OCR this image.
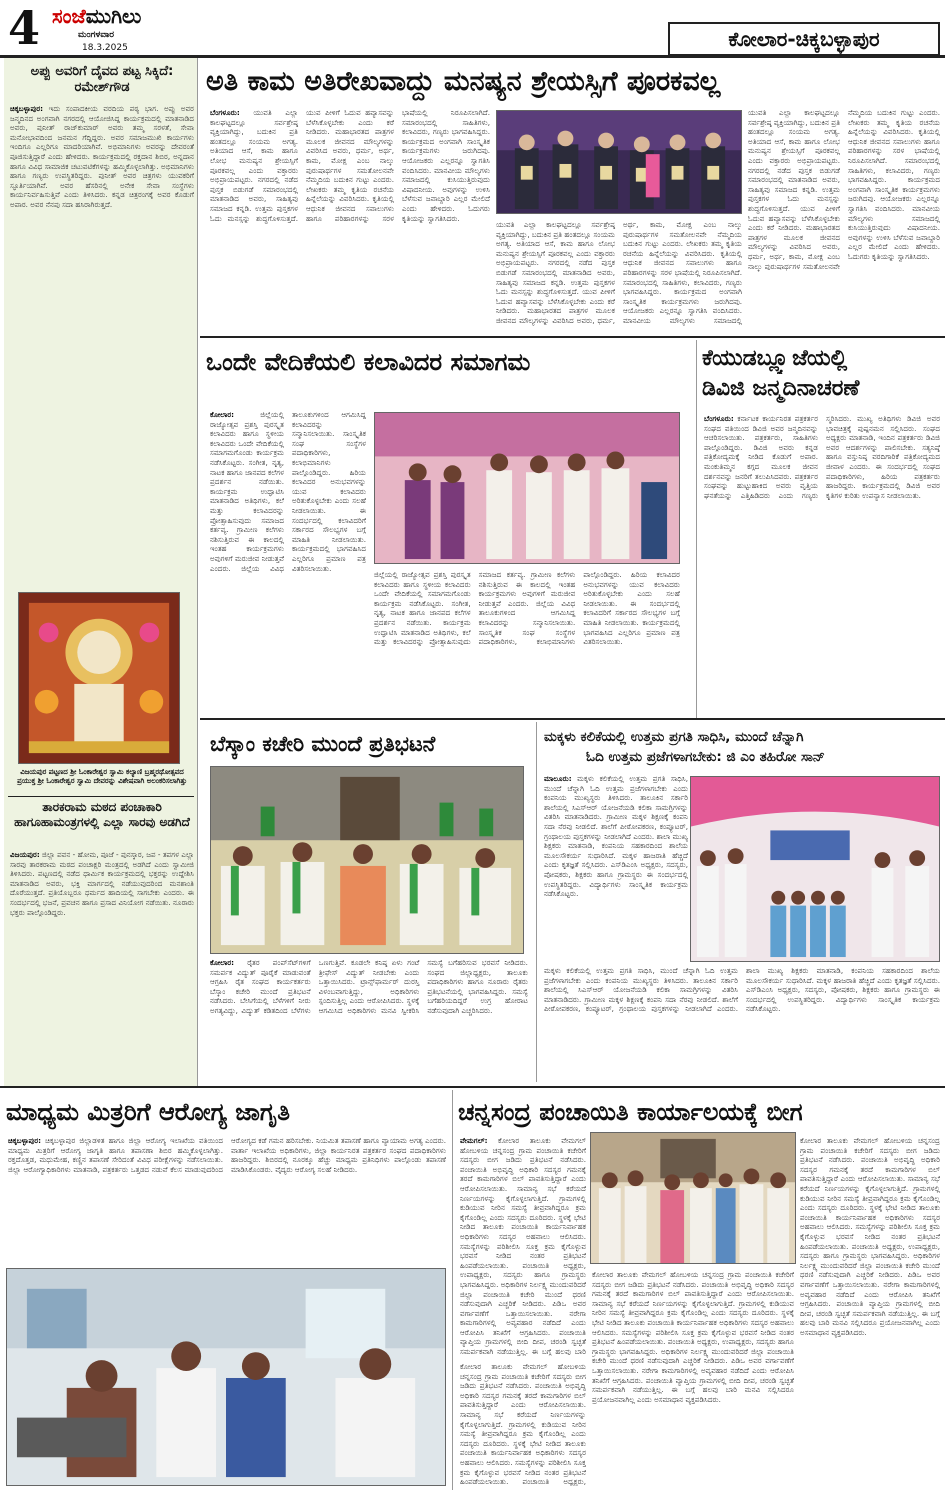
4 ಸಂಜೆಮುಗಿಲು
ಮಂಗಳವಾರ
18.3.2025	ಕೋಲಾರ-ಚಿಕ್ಕಬಳ್ಳಾಪುರ
ಅಪ್ಪು ಅವರಿಗೆ ದೈವದ ಪಟ್ಟ ಸಿಕ್ಕಿದೆ: ರಮೇಶ್‌ಗೌಡ
ಚಿಕ್ಕಬಳ್ಳಾಪುರ: ಇದು ಸಂಪಾದಕೀಯ ವರದಿಯ ಪಠ್ಯ ಭಾಗ. ಅಪ್ಪು ಅವರ ಜನ್ಮದಿನದ ಅಂಗವಾಗಿ ನಗರದಲ್ಲಿ ಆಯೋಜಿಸಿದ್ದ ಕಾರ್ಯಕ್ರಮದಲ್ಲಿ ಮಾತನಾಡಿದ ಅವರು, ಪುನೀತ್ ರಾಜ್‌ಕುಮಾರ್ ಅವರು ತಮ್ಮ ಸರಳತೆ, ಸೇವಾ ಮನೋಭಾವದಿಂದ ಜನಮನ ಗೆದ್ದಿದ್ದರು. ಅವರ ಸಮಾಜಮುಖಿ ಕಾರ್ಯಗಳು ಇಂದಿಗೂ ಎಲ್ಲರಿಗೂ ಮಾದರಿಯಾಗಿವೆ. ಅಭಿಮಾನಿಗಳು ಅವರನ್ನು ದೇವರಂತೆ ಪೂಜಿಸುತ್ತಿದ್ದಾರೆ ಎಂದು ಹೇಳಿದರು. ಕಾರ್ಯಕ್ರಮದಲ್ಲಿ ರಕ್ತದಾನ ಶಿಬಿರ, ಅನ್ನದಾನ ಹಾಗೂ ವಿವಿಧ ಸಾಮಾಜಿಕ ಚಟುವಟಿಕೆಗಳನ್ನು ಹಮ್ಮಿಕೊಳ್ಳಲಾಗಿತ್ತು. ಅಭಿಮಾನಿಗಳು ಹಾಗೂ ಗಣ್ಯರು ಉಪಸ್ಥಿತರಿದ್ದರು. ಪುನೀತ್ ಅವರ ಚಿತ್ರಗಳು ಯುವಕರಿಗೆ ಸ್ಫೂರ್ತಿಯಾಗಿವೆ. ಅವರ ಹೆಸರಿನಲ್ಲಿ ಅನೇಕ ಸೇವಾ ಸಂಸ್ಥೆಗಳು ಕಾರ್ಯನಿರ್ವಹಿಸುತ್ತಿವೆ ಎಂದು ತಿಳಿಸಿದರು. ಕನ್ನಡ ಚಿತ್ರರಂಗಕ್ಕೆ ಅವರ ಕೊಡುಗೆ ಅಪಾರ. ಅವರ ನೆನಪು ಸದಾ ಹಸಿರಾಗಿರುತ್ತದೆ.
ವಿಜಯಪುರ ಪಟ್ಟಣದ ಶ್ರೀ ಓಂಕಾರೇಶ್ವರ ಸ್ವಾಮಿ ಕಲ್ಯಾಣಿ ಬ್ರಹ್ಮರಥೋತ್ಸವದ ಪ್ರಯುಕ್ತ ಶ್ರೀ ಓಂಕಾರೇಶ್ವರ ಸ್ವಾಮಿ ದೇವರನ್ನು ವಿಶೇಷವಾಗಿ ಅಲಂಕರಿಸಲಾಗಿತ್ತು
ತಾರಕರಾಮ ಮಠದ ಪಂಚಾಕಾರಿ ಹಾಗೂಹಾಮಂತ್ರಗಳಲ್ಲಿ ಎಲ್ಲಾ ಸಾರವು ಅಡಗಿದೆ
ವಿಜಯಪುರ: ಜಿಲ್ಲಾ ಪವನ - ಹೋಮ, ಪೂಜೆ - ಪುನಸ್ಕಾರ, ಜಪ - ತಪಗಳ ಎಲ್ಲಾ ಸಾರವು ತಾರಕರಾಮ ಮಠದ ಪಂಚಾಕ್ಷರಿ ಮಂತ್ರದಲ್ಲಿ ಅಡಗಿದೆ ಎಂದು ಸ್ವಾಮೀಜಿ ತಿಳಿಸಿದರು. ಪಟ್ಟಣದಲ್ಲಿ ನಡೆದ ಧಾರ್ಮಿಕ ಕಾರ್ಯಕ್ರಮದಲ್ಲಿ ಭಕ್ತರನ್ನು ಉದ್ದೇಶಿಸಿ ಮಾತನಾಡಿದ ಅವರು, ಭಕ್ತಿ ಮಾರ್ಗದಲ್ಲಿ ನಡೆಯುವುದರಿಂದ ಮನಶಾಂತಿ ದೊರೆಯುತ್ತದೆ. ಪ್ರತಿಯೊಬ್ಬರೂ ಧರ್ಮದ ಹಾದಿಯಲ್ಲಿ ಸಾಗಬೇಕು ಎಂದರು. ಈ ಸಂದರ್ಭದಲ್ಲಿ ಭಜನೆ, ಪ್ರವಚನ ಹಾಗೂ ಪ್ರಸಾದ ವಿನಿಯೋಗ ನಡೆಯಿತು. ನೂರಾರು ಭಕ್ತರು ಪಾಲ್ಗೊಂಡಿದ್ದರು.
ಅತಿ ಕಾಮ ಅತಿರೇಖವಾದ್ದು ಮನಷ್ಯನ ಶ್ರೇಯಸ್ಸಿಗೆ ಪೂರಕವಲ್ಲ
ಬೆಂಗಳೂರು: ಯುವತಿ ಎಲ್ಲಾ ಕಾಲಘಟ್ಟದಲ್ಲೂ ಸರ್ವಶ್ರೇಷ್ಠ ವ್ಯಕ್ತಿಯಾಗಿದ್ದು, ಬದುಕಿನ ಪ್ರತಿ ಹಂತದಲ್ಲೂ ಸಂಯಮ ಅಗತ್ಯ. ಅತಿಯಾದ ಆಸೆ, ಕಾಮ ಹಾಗೂ ಲೋಭ ಮನುಷ್ಯನ ಶ್ರೇಯಸ್ಸಿಗೆ ಪೂರಕವಲ್ಲ ಎಂದು ವಕ್ತಾರರು ಅಭಿಪ್ರಾಯಪಟ್ಟರು. ನಗರದಲ್ಲಿ ನಡೆದ ಪುಸ್ತಕ ಬಿಡುಗಡೆ ಸಮಾರಂಭದಲ್ಲಿ ಮಾತನಾಡಿದ ಅವರು, ಸಾಹಿತ್ಯವು ಸಮಾಜದ ಕನ್ನಡಿ. ಉತ್ತಮ ಪುಸ್ತಕಗಳ ಓದು ಮನಸ್ಸನ್ನು ಶುದ್ಧಗೊಳಿಸುತ್ತದೆ. ಯುವ ಪೀಳಿಗೆ ಓದುವ ಹವ್ಯಾಸವನ್ನು ಬೆಳೆಸಿಕೊಳ್ಳಬೇಕು ಎಂದು ಕರೆ ನೀಡಿದರು. ಮಹಾಭಾರತದ ಪಾತ್ರಗಳ ಮೂಲಕ ಜೀವನದ ಮೌಲ್ಯಗಳನ್ನು ವಿವರಿಸಿದ ಅವರು, ಧರ್ಮ, ಅರ್ಥ, ಕಾಮ, ಮೋಕ್ಷ ಎಂಬ ನಾಲ್ಕು ಪುರುಷಾರ್ಥಗಳ ಸಮತೋಲನವೇ ನೆಮ್ಮದಿಯ ಬದುಕಿನ ಗುಟ್ಟು ಎಂದರು. ಲೇಖಕರು ತಮ್ಮ ಕೃತಿಯ ರಚನೆಯ ಹಿನ್ನೆಲೆಯನ್ನು ವಿವರಿಸಿದರು. ಕೃತಿಯಲ್ಲಿ ಆಧುನಿಕ ಜೀವನದ ಸವಾಲುಗಳು ಹಾಗೂ ಪರಿಹಾರಗಳನ್ನು ಸರಳ ಭಾಷೆಯಲ್ಲಿ ನಿರೂಪಿಸಲಾಗಿದೆ. ಸಮಾರಂಭದಲ್ಲಿ ಸಾಹಿತಿಗಳು, ಕಲಾವಿದರು, ಗಣ್ಯರು ಭಾಗವಹಿಸಿದ್ದರು. ಕಾರ್ಯಕ್ರಮದ ಅಂಗವಾಗಿ ಸಾಂಸ್ಕೃತಿಕ ಕಾರ್ಯಕ್ರಮಗಳು ಜರುಗಿದವು. ಆಯೋಜಕರು ಎಲ್ಲರನ್ನೂ ಸ್ವಾಗತಿಸಿ ವಂದಿಸಿದರು. ಮಾನವೀಯ ಮೌಲ್ಯಗಳು ಸಮಾಜದಲ್ಲಿ ಕುಸಿಯುತ್ತಿರುವುದು ವಿಷಾದನೀಯ. ಅವುಗಳನ್ನು ಉಳಿಸಿ ಬೆಳೆಸುವ ಜವಾಬ್ದಾರಿ ಎಲ್ಲರ ಮೇಲಿದೆ ಎಂದು ಹೇಳಿದರು. ಓದುಗರು ಕೃತಿಯನ್ನು ಸ್ವಾಗತಿಸಿದರು.
ಯುವತಿ ಎಲ್ಲಾ ಕಾಲಘಟ್ಟದಲ್ಲೂ ಸರ್ವಶ್ರೇಷ್ಠ ವ್ಯಕ್ತಿಯಾಗಿದ್ದು, ಬದುಕಿನ ಪ್ರತಿ ಹಂತದಲ್ಲೂ ಸಂಯಮ ಅಗತ್ಯ. ಅತಿಯಾದ ಆಸೆ, ಕಾಮ ಹಾಗೂ ಲೋಭ ಮನುಷ್ಯನ ಶ್ರೇಯಸ್ಸಿಗೆ ಪೂರಕವಲ್ಲ ಎಂದು ವಕ್ತಾರರು ಅಭಿಪ್ರಾಯಪಟ್ಟರು. ನಗರದಲ್ಲಿ ನಡೆದ ಪುಸ್ತಕ ಬಿಡುಗಡೆ ಸಮಾರಂಭದಲ್ಲಿ ಮಾತನಾಡಿದ ಅವರು, ಸಾಹಿತ್ಯವು ಸಮಾಜದ ಕನ್ನಡಿ. ಉತ್ತಮ ಪುಸ್ತಕಗಳ ಓದು ಮನಸ್ಸನ್ನು ಶುದ್ಧಗೊಳಿಸುತ್ತದೆ. ಯುವ ಪೀಳಿಗೆ ಓದುವ ಹವ್ಯಾಸವನ್ನು ಬೆಳೆಸಿಕೊಳ್ಳಬೇಕು ಎಂದು ಕರೆ ನೀಡಿದರು. ಮಹಾಭಾರತದ ಪಾತ್ರಗಳ ಮೂಲಕ ಜೀವನದ ಮೌಲ್ಯಗಳನ್ನು ವಿವರಿಸಿದ ಅವರು, ಧರ್ಮ, ಅರ್ಥ, ಕಾಮ, ಮೋಕ್ಷ ಎಂಬ ನಾಲ್ಕು ಪುರುಷಾರ್ಥಗಳ ಸಮತೋಲನವೇ ನೆಮ್ಮದಿಯ ಬದುಕಿನ ಗುಟ್ಟು ಎಂದರು. ಲೇಖಕರು ತಮ್ಮ ಕೃತಿಯ ರಚನೆಯ ಹಿನ್ನೆಲೆಯನ್ನು ವಿವರಿಸಿದರು. ಕೃತಿಯಲ್ಲಿ ಆಧುನಿಕ ಜೀವನದ ಸವಾಲುಗಳು ಹಾಗೂ ಪರಿಹಾರಗಳನ್ನು ಸರಳ ಭಾಷೆಯಲ್ಲಿ ನಿರೂಪಿಸಲಾಗಿದೆ. ಸಮಾರಂಭದಲ್ಲಿ ಸಾಹಿತಿಗಳು, ಕಲಾವಿದರು, ಗಣ್ಯರು ಭಾಗವಹಿಸಿದ್ದರು. ಕಾರ್ಯಕ್ರಮದ ಅಂಗವಾಗಿ ಸಾಂಸ್ಕೃತಿಕ ಕಾರ್ಯಕ್ರಮಗಳು ಜರುಗಿದವು. ಆಯೋಜಕರು ಎಲ್ಲರನ್ನೂ ಸ್ವಾಗತಿಸಿ ವಂದಿಸಿದರು. ಮಾನವೀಯ ಮೌಲ್ಯಗಳು ಸಮಾಜದಲ್ಲಿ
ಯುವತಿ ಎಲ್ಲಾ ಕಾಲಘಟ್ಟದಲ್ಲೂ ಸರ್ವಶ್ರೇಷ್ಠ ವ್ಯಕ್ತಿಯಾಗಿದ್ದು, ಬದುಕಿನ ಪ್ರತಿ ಹಂತದಲ್ಲೂ ಸಂಯಮ ಅಗತ್ಯ. ಅತಿಯಾದ ಆಸೆ, ಕಾಮ ಹಾಗೂ ಲೋಭ ಮನುಷ್ಯನ ಶ್ರೇಯಸ್ಸಿಗೆ ಪೂರಕವಲ್ಲ ಎಂದು ವಕ್ತಾರರು ಅಭಿಪ್ರಾಯಪಟ್ಟರು. ನಗರದಲ್ಲಿ ನಡೆದ ಪುಸ್ತಕ ಬಿಡುಗಡೆ ಸಮಾರಂಭದಲ್ಲಿ ಮಾತನಾಡಿದ ಅವರು, ಸಾಹಿತ್ಯವು ಸಮಾಜದ ಕನ್ನಡಿ. ಉತ್ತಮ ಪುಸ್ತಕಗಳ ಓದು ಮನಸ್ಸನ್ನು ಶುದ್ಧಗೊಳಿಸುತ್ತದೆ. ಯುವ ಪೀಳಿಗೆ ಓದುವ ಹವ್ಯಾಸವನ್ನು ಬೆಳೆಸಿಕೊಳ್ಳಬೇಕು ಎಂದು ಕರೆ ನೀಡಿದರು. ಮಹಾಭಾರತದ ಪಾತ್ರಗಳ ಮೂಲಕ ಜೀವನದ ಮೌಲ್ಯಗಳನ್ನು ವಿವರಿಸಿದ ಅವರು, ಧರ್ಮ, ಅರ್ಥ, ಕಾಮ, ಮೋಕ್ಷ ಎಂಬ ನಾಲ್ಕು ಪುರುಷಾರ್ಥಗಳ ಸಮತೋಲನವೇ ನೆಮ್ಮದಿಯ ಬದುಕಿನ ಗುಟ್ಟು ಎಂದರು. ಲೇಖಕರು ತಮ್ಮ ಕೃತಿಯ ರಚನೆಯ ಹಿನ್ನೆಲೆಯನ್ನು ವಿವರಿಸಿದರು. ಕೃತಿಯಲ್ಲಿ ಆಧುನಿಕ ಜೀವನದ ಸವಾಲುಗಳು ಹಾಗೂ ಪರಿಹಾರಗಳನ್ನು ಸರಳ ಭಾಷೆಯಲ್ಲಿ ನಿರೂಪಿಸಲಾಗಿದೆ. ಸಮಾರಂಭದಲ್ಲಿ ಸಾಹಿತಿಗಳು, ಕಲಾವಿದರು, ಗಣ್ಯರು ಭಾಗವಹಿಸಿದ್ದರು. ಕಾರ್ಯಕ್ರಮದ ಅಂಗವಾಗಿ ಸಾಂಸ್ಕೃತಿಕ ಕಾರ್ಯಕ್ರಮಗಳು ಜರುಗಿದವು. ಆಯೋಜಕರು ಎಲ್ಲರನ್ನೂ ಸ್ವಾಗತಿಸಿ ವಂದಿಸಿದರು. ಮಾನವೀಯ ಮೌಲ್ಯಗಳು ಸಮಾಜದಲ್ಲಿ ಕುಸಿಯುತ್ತಿರುವುದು ವಿಷಾದನೀಯ. ಅವುಗಳನ್ನು ಉಳಿಸಿ ಬೆಳೆಸುವ ಜವಾಬ್ದಾರಿ ಎಲ್ಲರ ಮೇಲಿದೆ ಎಂದು ಹೇಳಿದರು. ಓದುಗರು ಕೃತಿಯನ್ನು ಸ್ವಾಗತಿಸಿದರು.
ಒಂದೇ ವೇದಿಕೆಯಲಿ ಕಲಾವಿದರ ಸಮಾಗಮ
ಕೋಲಾರ:	ಜಿಲ್ಲೆಯಲ್ಲಿ ರಾಜ್ಯೋತ್ಸವ ಪ್ರಶಸ್ತಿ ಪುರಸ್ಕೃತ ಕಲಾವಿದರು ಹಾಗೂ ಸ್ಥಳೀಯ ಕಲಾವಿದರು ಒಂದೇ ವೇದಿಕೆಯಲ್ಲಿ ಸಮಾಗಮಗೊಂಡು ಕಾರ್ಯಕ್ರಮ ನಡೆಸಿಕೊಟ್ಟರು. ಸಂಗೀತ, ನೃತ್ಯ, ನಾಟಕ ಹಾಗೂ ಜಾನಪದ ಕಲೆಗಳ ಪ್ರದರ್ಶನ ನಡೆಯಿತು. ಕಾರ್ಯಕ್ರಮ ಉದ್ಘಾಟಿಸಿ ಮಾತನಾಡಿದ ಅತಿಥಿಗಳು, ಕಲೆ ಮತ್ತು ಕಲಾವಿದರನ್ನು ಪ್ರೋತ್ಸಾಹಿಸುವುದು ಸಮಾಜದ ಕರ್ತವ್ಯ. ಗ್ರಾಮೀಣ ಕಲೆಗಳು ನಶಿಸುತ್ತಿರುವ ಈ ಕಾಲದಲ್ಲಿ ಇಂತಹ ಕಾರ್ಯಕ್ರಮಗಳು ಅವುಗಳಿಗೆ ಮರುಜೀವ ನೀಡುತ್ತವೆ ಎಂದರು. ಜಿಲ್ಲೆಯ ವಿವಿಧ ತಾಲೂಕುಗಳಿಂದ ಆಗಮಿಸಿದ್ದ ಕಲಾವಿದರನ್ನು ಸನ್ಮಾನಿಸಲಾಯಿತು. ಸಾಂಸ್ಕೃತಿಕ ಸಂಘ ಸಂಸ್ಥೆಗಳ ಪದಾಧಿಕಾರಿಗಳು, ಕಲಾಭಿಮಾನಿಗಳು ಪಾಲ್ಗೊಂಡಿದ್ದರು. ಹಿರಿಯ ಕಲಾವಿದರ ಅನುಭವಗಳನ್ನು ಯುವ ಕಲಾವಿದರು ಅರಿತುಕೊಳ್ಳಬೇಕು ಎಂದು ಸಲಹೆ ನೀಡಲಾಯಿತು. ಈ ಸಂದರ್ಭದಲ್ಲಿ ಕಲಾವಿದರಿಗೆ ಸರ್ಕಾರದ ಸೌಲಭ್ಯಗಳ ಬಗ್ಗೆ ಮಾಹಿತಿ ನೀಡಲಾಯಿತು. ಕಾರ್ಯಕ್ರಮದಲ್ಲಿ ಭಾಗವಹಿಸಿದ ಎಲ್ಲರಿಗೂ ಪ್ರಮಾಣ ಪತ್ರ ವಿತರಿಸಲಾಯಿತು.
ಜಿಲ್ಲೆಯಲ್ಲಿ ರಾಜ್ಯೋತ್ಸವ ಪ್ರಶಸ್ತಿ ಪುರಸ್ಕೃತ ಕಲಾವಿದರು ಹಾಗೂ ಸ್ಥಳೀಯ ಕಲಾವಿದರು ಒಂದೇ ವೇದಿಕೆಯಲ್ಲಿ ಸಮಾಗಮಗೊಂಡು ಕಾರ್ಯಕ್ರಮ ನಡೆಸಿಕೊಟ್ಟರು. ಸಂಗೀತ, ನೃತ್ಯ, ನಾಟಕ ಹಾಗೂ ಜಾನಪದ ಕಲೆಗಳ ಪ್ರದರ್ಶನ ನಡೆಯಿತು. ಕಾರ್ಯಕ್ರಮ ಉದ್ಘಾಟಿಸಿ ಮಾತನಾಡಿದ ಅತಿಥಿಗಳು, ಕಲೆ ಮತ್ತು ಕಲಾವಿದರನ್ನು ಪ್ರೋತ್ಸಾಹಿಸುವುದು ಸಮಾಜದ ಕರ್ತವ್ಯ. ಗ್ರಾಮೀಣ ಕಲೆಗಳು ನಶಿಸುತ್ತಿರುವ ಈ ಕಾಲದಲ್ಲಿ ಇಂತಹ ಕಾರ್ಯಕ್ರಮಗಳು ಅವುಗಳಿಗೆ ಮರುಜೀವ ನೀಡುತ್ತವೆ ಎಂದರು. ಜಿಲ್ಲೆಯ ವಿವಿಧ ತಾಲೂಕುಗಳಿಂದ ಆಗಮಿಸಿದ್ದ ಕಲಾವಿದರನ್ನು ಸನ್ಮಾನಿಸಲಾಯಿತು. ಸಾಂಸ್ಕೃತಿಕ ಸಂಘ ಸಂಸ್ಥೆಗಳ ಪದಾಧಿಕಾರಿಗಳು, ಕಲಾಭಿಮಾನಿಗಳು ಪಾಲ್ಗೊಂಡಿದ್ದರು. ಹಿರಿಯ ಕಲಾವಿದರ ಅನುಭವಗಳನ್ನು ಯುವ ಕಲಾವಿದರು ಅರಿತುಕೊಳ್ಳಬೇಕು ಎಂದು ಸಲಹೆ ನೀಡಲಾಯಿತು. ಈ ಸಂದರ್ಭದಲ್ಲಿ ಕಲಾವಿದರಿಗೆ ಸರ್ಕಾರದ ಸೌಲಭ್ಯಗಳ ಬಗ್ಗೆ ಮಾಹಿತಿ ನೀಡಲಾಯಿತು. ಕಾರ್ಯಕ್ರಮದಲ್ಲಿ ಭಾಗವಹಿಸಿದ ಎಲ್ಲರಿಗೂ ಪ್ರಮಾಣ ಪತ್ರ ವಿತರಿಸಲಾಯಿತು.
ಕೆಯುಡಬ್ಲ್ಯೂಜೆಯಲ್ಲಿ
ಡಿವಿಜಿ ಜನ್ಮದಿನಾಚರಣೆ
ಬೆಂಗಳೂರು: ಕರ್ನಾಟಕ ಕಾರ್ಯನಿರತ ಪತ್ರಕರ್ತರ ಸಂಘದ ವತಿಯಿಂದ ಡಿವಿಜಿ ಅವರ ಜನ್ಮದಿನವನ್ನು ಆಚರಿಸಲಾಯಿತು. ಪತ್ರಕರ್ತರು, ಸಾಹಿತಿಗಳು ಪಾಲ್ಗೊಂಡಿದ್ದರು. ಡಿವಿಜಿ ಅವರು ಕನ್ನಡ ಪತ್ರಿಕೋದ್ಯಮಕ್ಕೆ ನೀಡಿದ ಕೊಡುಗೆ ಅಪಾರ. ಮಂಕುತಿಮ್ಮನ ಕಗ್ಗದ ಮೂಲಕ ಜೀವನ ದರ್ಶನವನ್ನು ಜನರಿಗೆ ತಲುಪಿಸಿದವರು. ಪತ್ರಕರ್ತರ ಸಂಘವನ್ನು ಹುಟ್ಟುಹಾಕಿದ ಅವರು ವೃತ್ತಿಯ ಘನತೆಯನ್ನು ಎತ್ತಿಹಿಡಿದರು ಎಂದು ಗಣ್ಯರು ಸ್ಮರಿಸಿದರು. ಮುಖ್ಯ ಅತಿಥಿಗಳು ಡಿವಿಜಿ ಅವರ ಭಾವಚಿತ್ರಕ್ಕೆ ಪುಷ್ಪನಮನ ಸಲ್ಲಿಸಿದರು. ಸಂಘದ ಅಧ್ಯಕ್ಷರು ಮಾತನಾಡಿ, ಇಂದಿನ ಪತ್ರಕರ್ತರು ಡಿವಿಜಿ ಅವರ ಆದರ್ಶಗಳನ್ನು ಪಾಲಿಸಬೇಕು. ಸತ್ಯನಿಷ್ಠೆ ಹಾಗೂ ವಸ್ತುನಿಷ್ಠ ವರದಿಗಾರಿಕೆ ಪತ್ರಿಕೋದ್ಯಮದ ಜೀವಾಳ ಎಂದರು. ಈ ಸಂದರ್ಭದಲ್ಲಿ ಸಂಘದ ಪದಾಧಿಕಾರಿಗಳು, ಹಿರಿಯ ಪತ್ರಕರ್ತರು ಹಾಜರಿದ್ದರು. ಕಾರ್ಯಕ್ರಮದಲ್ಲಿ ಡಿವಿಜಿ ಅವರ ಕೃತಿಗಳ ಕುರಿತು ಉಪನ್ಯಾಸ ನೀಡಲಾಯಿತು.
ಬೆಸ್ಕಾಂ ಕಚೇರಿ ಮುಂದೆ ಪ್ರತಿಭಟನೆ
ಕೋಲಾರ: ರೈತರ ಪಂಪ್‌ಸೆಟ್‌ಗಳಿಗೆ ಸಮರ್ಪಕ ವಿದ್ಯುತ್ ಪೂರೈಕೆ ಮಾಡುವಂತೆ ಆಗ್ರಹಿಸಿ ರೈತ ಸಂಘದ ಕಾರ್ಯಕರ್ತರು ಬೆಸ್ಕಾಂ ಕಚೇರಿ ಮುಂದೆ ಪ್ರತಿಭಟನೆ ನಡೆಸಿದರು. ಬೇಸಿಗೆಯಲ್ಲಿ ಬೆಳೆಗಳಿಗೆ ನೀರು ಅಗತ್ಯವಿದ್ದು, ವಿದ್ಯುತ್ ಕಡಿತದಿಂದ ಬೆಳೆಗಳು ಒಣಗುತ್ತಿವೆ. ಕೂಡಲೇ ಕನಿಷ್ಠ ಏಳು ಗಂಟೆ ತ್ರೀಫೇಸ್ ವಿದ್ಯುತ್ ನೀಡಬೇಕು ಎಂದು ಒತ್ತಾಯಿಸಿದರು. ಟ್ರಾನ್ಸ್‌ಫಾರ್ಮರ್ ದುರಸ್ತಿ ವಿಳಂಬವಾಗುತ್ತಿದ್ದು, ಅಧಿಕಾರಿಗಳು ಸ್ಪಂದಿಸುತ್ತಿಲ್ಲ ಎಂದು ಆರೋಪಿಸಿದರು. ಸ್ಥಳಕ್ಕೆ ಆಗಮಿಸಿದ ಅಧಿಕಾರಿಗಳು ಮನವಿ ಸ್ವೀಕರಿಸಿ ಸಮಸ್ಯೆ ಬಗೆಹರಿಸುವ ಭರವಸೆ ನೀಡಿದರು. ಸಂಘದ ಜಿಲ್ಲಾಧ್ಯಕ್ಷರು, ತಾಲೂಕು ಪದಾಧಿಕಾರಿಗಳು ಹಾಗೂ ನೂರಾರು ರೈತರು ಪ್ರತಿಭಟನೆಯಲ್ಲಿ ಭಾಗವಹಿಸಿದ್ದರು. ಸಮಸ್ಯೆ ಬಗೆಹರಿಯದಿದ್ದರೆ ಉಗ್ರ ಹೋರಾಟ ನಡೆಸುವುದಾಗಿ ಎಚ್ಚರಿಸಿದರು.
ಮಕ್ಕಳು ಕಲಿಕೆಯಲ್ಲಿ ಉತ್ತಮ ಪ್ರಗತಿ ಸಾಧಿಸಿ, ಮುಂದೆ ಚೆನ್ನಾಗಿ
ಓದಿ ಉತ್ತಮ ಪ್ರಜೆಗಳಾಗಬೇಕು: ಜಿ ಎಂ ತಹಿರೋ ಸಾನ್
ಮಾಲೂರು: ಮಕ್ಕಳು ಕಲಿಕೆಯಲ್ಲಿ ಉತ್ತಮ ಪ್ರಗತಿ ಸಾಧಿಸಿ, ಮುಂದೆ ಚೆನ್ನಾಗಿ ಓದಿ ಉತ್ತಮ ಪ್ರಜೆಗಳಾಗಬೇಕು ಎಂದು ಕಂಪನಿಯ ಮುಖ್ಯಸ್ಥರು ತಿಳಿಸಿದರು. ತಾಲೂಕಿನ ಸರ್ಕಾರಿ ಶಾಲೆಯಲ್ಲಿ ಸಿಎಸ್‌ಆರ್ ಯೋಜನೆಯಡಿ ಕಲಿಕಾ ಸಾಮಗ್ರಿಗಳನ್ನು ವಿತರಿಸಿ ಮಾತನಾಡಿದರು. ಗ್ರಾಮೀಣ ಮಕ್ಕಳ ಶಿಕ್ಷಣಕ್ಕೆ ಕಂಪನಿ ಸದಾ ನೆರವು ನೀಡಲಿದೆ. ಶಾಲೆಗೆ ಪೀಠೋಪಕರಣ, ಕಂಪ್ಯೂಟರ್, ಗ್ರಂಥಾಲಯ ಪುಸ್ತಕಗಳನ್ನು ನೀಡಲಾಗಿದೆ ಎಂದರು. ಶಾಲಾ ಮುಖ್ಯ ಶಿಕ್ಷಕರು ಮಾತನಾಡಿ, ಕಂಪನಿಯ ಸಹಕಾರದಿಂದ ಶಾಲೆಯ ಮೂಲಸೌಕರ್ಯ ಸುಧಾರಿಸಿದೆ. ಮಕ್ಕಳ ಹಾಜರಾತಿ ಹೆಚ್ಚಿದೆ ಎಂದು ಕೃತಜ್ಞತೆ ಸಲ್ಲಿಸಿದರು. ಎಸ್‌ಡಿಎಂಸಿ ಅಧ್ಯಕ್ಷರು, ಸದಸ್ಯರು, ಪೋಷಕರು, ಶಿಕ್ಷಕರು ಹಾಗೂ ಗ್ರಾಮಸ್ಥರು ಈ ಸಂದರ್ಭದಲ್ಲಿ ಉಪಸ್ಥಿತರಿದ್ದರು. ವಿದ್ಯಾರ್ಥಿಗಳು ಸಾಂಸ್ಕೃತಿಕ ಕಾರ್ಯಕ್ರಮ ನಡೆಸಿಕೊಟ್ಟರು.
ಮಕ್ಕಳು ಕಲಿಕೆಯಲ್ಲಿ ಉತ್ತಮ ಪ್ರಗತಿ ಸಾಧಿಸಿ, ಮುಂದೆ ಚೆನ್ನಾಗಿ ಓದಿ ಉತ್ತಮ ಪ್ರಜೆಗಳಾಗಬೇಕು ಎಂದು ಕಂಪನಿಯ ಮುಖ್ಯಸ್ಥರು ತಿಳಿಸಿದರು. ತಾಲೂಕಿನ ಸರ್ಕಾರಿ ಶಾಲೆಯಲ್ಲಿ ಸಿಎಸ್‌ಆರ್ ಯೋಜನೆಯಡಿ ಕಲಿಕಾ ಸಾಮಗ್ರಿಗಳನ್ನು ವಿತರಿಸಿ ಮಾತನಾಡಿದರು. ಗ್ರಾಮೀಣ ಮಕ್ಕಳ ಶಿಕ್ಷಣಕ್ಕೆ ಕಂಪನಿ ಸದಾ ನೆರವು ನೀಡಲಿದೆ. ಶಾಲೆಗೆ ಪೀಠೋಪಕರಣ, ಕಂಪ್ಯೂಟರ್, ಗ್ರಂಥಾಲಯ ಪುಸ್ತಕಗಳನ್ನು ನೀಡಲಾಗಿದೆ ಎಂದರು. ಶಾಲಾ ಮುಖ್ಯ ಶಿಕ್ಷಕರು ಮಾತನಾಡಿ, ಕಂಪನಿಯ ಸಹಕಾರದಿಂದ ಶಾಲೆಯ ಮೂಲಸೌಕರ್ಯ ಸುಧಾರಿಸಿದೆ. ಮಕ್ಕಳ ಹಾಜರಾತಿ ಹೆಚ್ಚಿದೆ ಎಂದು ಕೃತಜ್ಞತೆ ಸಲ್ಲಿಸಿದರು. ಎಸ್‌ಡಿಎಂಸಿ ಅಧ್ಯಕ್ಷರು, ಸದಸ್ಯರು, ಪೋಷಕರು, ಶಿಕ್ಷಕರು ಹಾಗೂ ಗ್ರಾಮಸ್ಥರು ಈ ಸಂದರ್ಭದಲ್ಲಿ ಉಪಸ್ಥಿತರಿದ್ದರು. ವಿದ್ಯಾರ್ಥಿಗಳು ಸಾಂಸ್ಕೃತಿಕ ಕಾರ್ಯಕ್ರಮ ನಡೆಸಿಕೊಟ್ಟರು.
ಮಾಧ್ಯಮ ಮಿತ್ರರಿಗೆ ಆರೋಗ್ಯ ಜಾಗೃತಿ
ಚಿಕ್ಕಬಳ್ಳಾಪುರ: ಚಿಕ್ಕಬಳ್ಳಾಪುರ ಜಿಲ್ಲಾಡಳಿತ ಹಾಗೂ ಜಿಲ್ಲಾ ಆರೋಗ್ಯ ಇಲಾಖೆಯ ವತಿಯಿಂದ ಮಾಧ್ಯಮ ಮಿತ್ರರಿಗೆ ಆರೋಗ್ಯ ಜಾಗೃತಿ ಹಾಗೂ ತಪಾಸಣಾ ಶಿಬಿರ ಹಮ್ಮಿಕೊಳ್ಳಲಾಗಿತ್ತು. ರಕ್ತದೊತ್ತಡ, ಮಧುಮೇಹ, ಕಣ್ಣಿನ ತಪಾಸಣೆ ಸೇರಿದಂತೆ ವಿವಿಧ ಪರೀಕ್ಷೆಗಳನ್ನು ನಡೆಸಲಾಯಿತು. ಜಿಲ್ಲಾ ಆರೋಗ್ಯಾಧಿಕಾರಿಗಳು ಮಾತನಾಡಿ, ಪತ್ರಕರ್ತರು ಒತ್ತಡದ ನಡುವೆ ಕೆಲಸ ಮಾಡುವುದರಿಂದ ಆರೋಗ್ಯದ ಕಡೆ ಗಮನ ಹರಿಸಬೇಕು. ನಿಯಮಿತ ತಪಾಸಣೆ ಹಾಗೂ ವ್ಯಾಯಾಮ ಅಗತ್ಯ ಎಂದರು. ವಾರ್ತಾ ಇಲಾಖೆಯ ಅಧಿಕಾರಿಗಳು, ಜಿಲ್ಲಾ ಕಾರ್ಯನಿರತ ಪತ್ರಕರ್ತರ ಸಂಘದ ಪದಾಧಿಕಾರಿಗಳು ಹಾಜರಿದ್ದರು. ಶಿಬಿರದಲ್ಲಿ ನೂರಕ್ಕೂ ಹೆಚ್ಚು ಮಾಧ್ಯಮ ಪ್ರತಿನಿಧಿಗಳು ಪಾಲ್ಗೊಂಡು ತಪಾಸಣೆ ಮಾಡಿಸಿಕೊಂಡರು. ವೈದ್ಯರು ಆರೋಗ್ಯ ಸಲಹೆ ನೀಡಿದರು.
ಚನ್ನಸಂದ್ರ ಪಂಚಾಯಿತಿ ಕಾರ್ಯಾಲಯಕ್ಕೆ ಬೀಗ
ವೇಮಗಲ್: ಕೋಲಾರ ತಾಲೂಕು ವೇಮಗಲ್ ಹೋಬಳಿಯ ಚನ್ನಸಂದ್ರ ಗ್ರಾಮ ಪಂಚಾಯಿತಿ ಕಚೇರಿಗೆ ಸದಸ್ಯರು ಬೀಗ ಜಡಿದು ಪ್ರತಿಭಟನೆ ನಡೆಸಿದರು. ಪಂಚಾಯಿತಿ ಅಭಿವೃದ್ಧಿ ಅಧಿಕಾರಿ ಸದಸ್ಯರ ಗಮನಕ್ಕೆ ತರದೆ ಕಾಮಗಾರಿಗಳ ಬಿಲ್ ಪಾವತಿಸುತ್ತಿದ್ದಾರೆ ಎಂದು ಆರೋಪಿಸಲಾಯಿತು. ಸಾಮಾನ್ಯ ಸಭೆ ಕರೆಯದೆ ನಿರ್ಣಯಗಳನ್ನು ಕೈಗೊಳ್ಳಲಾಗುತ್ತಿದೆ. ಗ್ರಾಮಗಳಲ್ಲಿ ಕುಡಿಯುವ ನೀರಿನ ಸಮಸ್ಯೆ ತೀವ್ರವಾಗಿದ್ದರೂ ಕ್ರಮ ಕೈಗೊಂಡಿಲ್ಲ ಎಂದು ಸದಸ್ಯರು ದೂರಿದರು. ಸ್ಥಳಕ್ಕೆ ಭೇಟಿ ನೀಡಿದ ತಾಲೂಕು ಪಂಚಾಯಿತಿ ಕಾರ್ಯನಿರ್ವಾಹಕ ಅಧಿಕಾರಿಗಳು ಸದಸ್ಯರ ಅಹವಾಲು ಆಲಿಸಿದರು. ಸಮಸ್ಯೆಗಳನ್ನು ಪರಿಶೀಲಿಸಿ ಸೂಕ್ತ ಕ್ರಮ ಕೈಗೊಳ್ಳುವ ಭರವಸೆ ನೀಡಿದ ನಂತರ ಪ್ರತಿಭಟನೆ ಹಿಂಪಡೆಯಲಾಯಿತು. ಪಂಚಾಯಿತಿ ಅಧ್ಯಕ್ಷರು, ಉಪಾಧ್ಯಕ್ಷರು, ಸದಸ್ಯರು ಹಾಗೂ ಗ್ರಾಮಸ್ಥರು ಭಾಗವಹಿಸಿದ್ದರು. ಅಧಿಕಾರಿಗಳ ನಿರ್ಲಕ್ಷ್ಯ ಮುಂದುವರಿದರೆ ಜಿಲ್ಲಾ ಪಂಚಾಯಿತಿ ಕಚೇರಿ ಮುಂದೆ ಧರಣಿ ನಡೆಸುವುದಾಗಿ ಎಚ್ಚರಿಕೆ ನೀಡಿದರು. ಪಿಡಿಒ ಅವರ ವರ್ಗಾವಣೆಗೆ ಒತ್ತಾಯಿಸಲಾಯಿತು. ನರೇಗಾ ಕಾಮಗಾರಿಗಳಲ್ಲಿ ಅವ್ಯವಹಾರ ನಡೆದಿದೆ ಎಂದು ಆರೋಪಿಸಿ ತನಿಖೆಗೆ ಆಗ್ರಹಿಸಿದರು. ಪಂಚಾಯಿತಿ ವ್ಯಾಪ್ತಿಯ ಗ್ರಾಮಗಳಲ್ಲಿ ಬೀದಿ ದೀಪ, ಚರಂಡಿ ಸ್ವಚ್ಛತೆ ಸಮರ್ಪಕವಾಗಿ ನಡೆಯುತ್ತಿಲ್ಲ. ಈ ಬಗ್ಗೆ ಹಲವು ಬಾರಿ
ಕೋಲಾರ ತಾಲೂಕು ವೇಮಗಲ್ ಹೋಬಳಿಯ ಚನ್ನಸಂದ್ರ ಗ್ರಾಮ ಪಂಚಾಯಿತಿ ಕಚೇರಿಗೆ ಸದಸ್ಯರು ಬೀಗ ಜಡಿದು ಪ್ರತಿಭಟನೆ ನಡೆಸಿದರು. ಪಂಚಾಯಿತಿ ಅಭಿವೃದ್ಧಿ ಅಧಿಕಾರಿ ಸದಸ್ಯರ ಗಮನಕ್ಕೆ ತರದೆ ಕಾಮಗಾರಿಗಳ ಬಿಲ್ ಪಾವತಿಸುತ್ತಿದ್ದಾರೆ ಎಂದು ಆರೋಪಿಸಲಾಯಿತು. ಸಾಮಾನ್ಯ ಸಭೆ ಕರೆಯದೆ ನಿರ್ಣಯಗಳನ್ನು ಕೈಗೊಳ್ಳಲಾಗುತ್ತಿದೆ. ಗ್ರಾಮಗಳಲ್ಲಿ ಕುಡಿಯುವ ನೀರಿನ ಸಮಸ್ಯೆ ತೀವ್ರವಾಗಿದ್ದರೂ ಕ್ರಮ ಕೈಗೊಂಡಿಲ್ಲ ಎಂದು ಸದಸ್ಯರು ದೂರಿದರು. ಸ್ಥಳಕ್ಕೆ ಭೇಟಿ ನೀಡಿದ ತಾಲೂಕು ಪಂಚಾಯಿತಿ ಕಾರ್ಯನಿರ್ವಾಹಕ ಅಧಿಕಾರಿಗಳು ಸದಸ್ಯರ ಅಹವಾಲು ಆಲಿಸಿದರು. ಸಮಸ್ಯೆಗಳನ್ನು ಪರಿಶೀಲಿಸಿ ಸೂಕ್ತ ಕ್ರಮ ಕೈಗೊಳ್ಳುವ ಭರವಸೆ ನೀಡಿದ ನಂತರ ಪ್ರತಿಭಟನೆ ಹಿಂಪಡೆಯಲಾಯಿತು. ಪಂಚಾಯಿತಿ ಅಧ್ಯಕ್ಷರು, ಉಪಾಧ್ಯಕ್ಷರು, ಸದಸ್ಯರು ಹಾಗೂ ಗ್ರಾಮಸ್ಥರು ಭಾಗವಹಿಸಿದ್ದರು. ಅಧಿಕಾರಿಗಳ ನಿರ್ಲಕ್ಷ್ಯ ಮುಂದುವರಿದರೆ ಜಿಲ್ಲಾ ಪಂಚಾಯಿತಿ ಕಚೇರಿ ಮುಂದೆ ಧರಣಿ ನಡೆಸುವುದಾಗಿ ಎಚ್ಚರಿಕೆ ನೀಡಿದರು. ಪಿಡಿಒ ಅವರ ವರ್ಗಾವಣೆಗೆ ಒತ್ತಾಯಿಸಲಾಯಿತು. ನರೇಗಾ ಕಾಮಗಾರಿಗಳಲ್ಲಿ ಅವ್ಯವಹಾರ ನಡೆದಿದೆ ಎಂದು ಆರೋಪಿಸಿ ತನಿಖೆಗೆ ಆಗ್ರಹಿಸಿದರು. ಪಂಚಾಯಿತಿ ವ್ಯಾಪ್ತಿಯ ಗ್ರಾಮಗಳಲ್ಲಿ ಬೀದಿ ದೀಪ, ಚರಂಡಿ ಸ್ವಚ್ಛತೆ ಸಮರ್ಪಕವಾಗಿ ನಡೆಯುತ್ತಿಲ್ಲ. ಈ ಬಗ್ಗೆ ಹಲವು ಬಾರಿ ಮನವಿ ಸಲ್ಲಿಸಿದರೂ ಪ್ರಯೋಜನವಾಗಿಲ್ಲ ಎಂದು ಅಸಮಾಧಾನ ವ್ಯಕ್ತಪಡಿಸಿದರು.
ಕೋಲಾರ ತಾಲೂಕು ವೇಮಗಲ್ ಹೋಬಳಿಯ ಚನ್ನಸಂದ್ರ ಗ್ರಾಮ ಪಂಚಾಯಿತಿ ಕಚೇರಿಗೆ ಸದಸ್ಯರು ಬೀಗ ಜಡಿದು ಪ್ರತಿಭಟನೆ ನಡೆಸಿದರು. ಪಂಚಾಯಿತಿ ಅಭಿವೃದ್ಧಿ ಅಧಿಕಾರಿ ಸದಸ್ಯರ ಗಮನಕ್ಕೆ ತರದೆ ಕಾಮಗಾರಿಗಳ ಬಿಲ್ ಪಾವತಿಸುತ್ತಿದ್ದಾರೆ ಎಂದು ಆರೋಪಿಸಲಾಯಿತು. ಸಾಮಾನ್ಯ ಸಭೆ ಕರೆಯದೆ ನಿರ್ಣಯಗಳನ್ನು ಕೈಗೊಳ್ಳಲಾಗುತ್ತಿದೆ. ಗ್ರಾಮಗಳಲ್ಲಿ ಕುಡಿಯುವ ನೀರಿನ ಸಮಸ್ಯೆ ತೀವ್ರವಾಗಿದ್ದರೂ ಕ್ರಮ ಕೈಗೊಂಡಿಲ್ಲ ಎಂದು ಸದಸ್ಯರು ದೂರಿದರು. ಸ್ಥಳಕ್ಕೆ ಭೇಟಿ ನೀಡಿದ ತಾಲೂಕು ಪಂಚಾಯಿತಿ ಕಾರ್ಯನಿರ್ವಾಹಕ ಅಧಿಕಾರಿಗಳು ಸದಸ್ಯರ ಅಹವಾಲು ಆಲಿಸಿದರು. ಸಮಸ್ಯೆಗಳನ್ನು ಪರಿಶೀಲಿಸಿ ಸೂಕ್ತ ಕ್ರಮ ಕೈಗೊಳ್ಳುವ ಭರವಸೆ ನೀಡಿದ ನಂತರ ಪ್ರತಿಭಟನೆ ಹಿಂಪಡೆಯಲಾಯಿತು. ಪಂಚಾಯಿತಿ ಅಧ್ಯಕ್ಷರು,
ಕೋಲಾರ ತಾಲೂಕು ವೇಮಗಲ್ ಹೋಬಳಿಯ ಚನ್ನಸಂದ್ರ ಗ್ರಾಮ ಪಂಚಾಯಿತಿ ಕಚೇರಿಗೆ ಸದಸ್ಯರು ಬೀಗ ಜಡಿದು ಪ್ರತಿಭಟನೆ ನಡೆಸಿದರು. ಪಂಚಾಯಿತಿ ಅಭಿವೃದ್ಧಿ ಅಧಿಕಾರಿ ಸದಸ್ಯರ ಗಮನಕ್ಕೆ ತರದೆ ಕಾಮಗಾರಿಗಳ ಬಿಲ್ ಪಾವತಿಸುತ್ತಿದ್ದಾರೆ ಎಂದು ಆರೋಪಿಸಲಾಯಿತು. ಸಾಮಾನ್ಯ ಸಭೆ ಕರೆಯದೆ ನಿರ್ಣಯಗಳನ್ನು ಕೈಗೊಳ್ಳಲಾಗುತ್ತಿದೆ. ಗ್ರಾಮಗಳಲ್ಲಿ ಕುಡಿಯುವ ನೀರಿನ ಸಮಸ್ಯೆ ತೀವ್ರವಾಗಿದ್ದರೂ ಕ್ರಮ ಕೈಗೊಂಡಿಲ್ಲ ಎಂದು ಸದಸ್ಯರು ದೂರಿದರು. ಸ್ಥಳಕ್ಕೆ ಭೇಟಿ ನೀಡಿದ ತಾಲೂಕು ಪಂಚಾಯಿತಿ ಕಾರ್ಯನಿರ್ವಾಹಕ ಅಧಿಕಾರಿಗಳು ಸದಸ್ಯರ ಅಹವಾಲು ಆಲಿಸಿದರು. ಸಮಸ್ಯೆಗಳನ್ನು ಪರಿಶೀಲಿಸಿ ಸೂಕ್ತ ಕ್ರಮ ಕೈಗೊಳ್ಳುವ ಭರವಸೆ ನೀಡಿದ ನಂತರ ಪ್ರತಿಭಟನೆ ಹಿಂಪಡೆಯಲಾಯಿತು. ಪಂಚಾಯಿತಿ ಅಧ್ಯಕ್ಷರು, ಉಪಾಧ್ಯಕ್ಷರು, ಸದಸ್ಯರು ಹಾಗೂ ಗ್ರಾಮಸ್ಥರು ಭಾಗವಹಿಸಿದ್ದರು. ಅಧಿಕಾರಿಗಳ ನಿರ್ಲಕ್ಷ್ಯ ಮುಂದುವರಿದರೆ ಜಿಲ್ಲಾ ಪಂಚಾಯಿತಿ ಕಚೇರಿ ಮುಂದೆ ಧರಣಿ ನಡೆಸುವುದಾಗಿ ಎಚ್ಚರಿಕೆ ನೀಡಿದರು. ಪಿಡಿಒ ಅವರ ವರ್ಗಾವಣೆಗೆ ಒತ್ತಾಯಿಸಲಾಯಿತು. ನರೇಗಾ ಕಾಮಗಾರಿಗಳಲ್ಲಿ ಅವ್ಯವಹಾರ ನಡೆದಿದೆ ಎಂದು ಆರೋಪಿಸಿ ತನಿಖೆಗೆ ಆಗ್ರಹಿಸಿದರು. ಪಂಚಾಯಿತಿ ವ್ಯಾಪ್ತಿಯ ಗ್ರಾಮಗಳಲ್ಲಿ ಬೀದಿ ದೀಪ, ಚರಂಡಿ ಸ್ವಚ್ಛತೆ ಸಮರ್ಪಕವಾಗಿ ನಡೆಯುತ್ತಿಲ್ಲ. ಈ ಬಗ್ಗೆ ಹಲವು ಬಾರಿ ಮನವಿ ಸಲ್ಲಿಸಿದರೂ ಪ್ರಯೋಜನವಾಗಿಲ್ಲ ಎಂದು ಅಸಮಾಧಾನ ವ್ಯಕ್ತಪಡಿಸಿದರು.
